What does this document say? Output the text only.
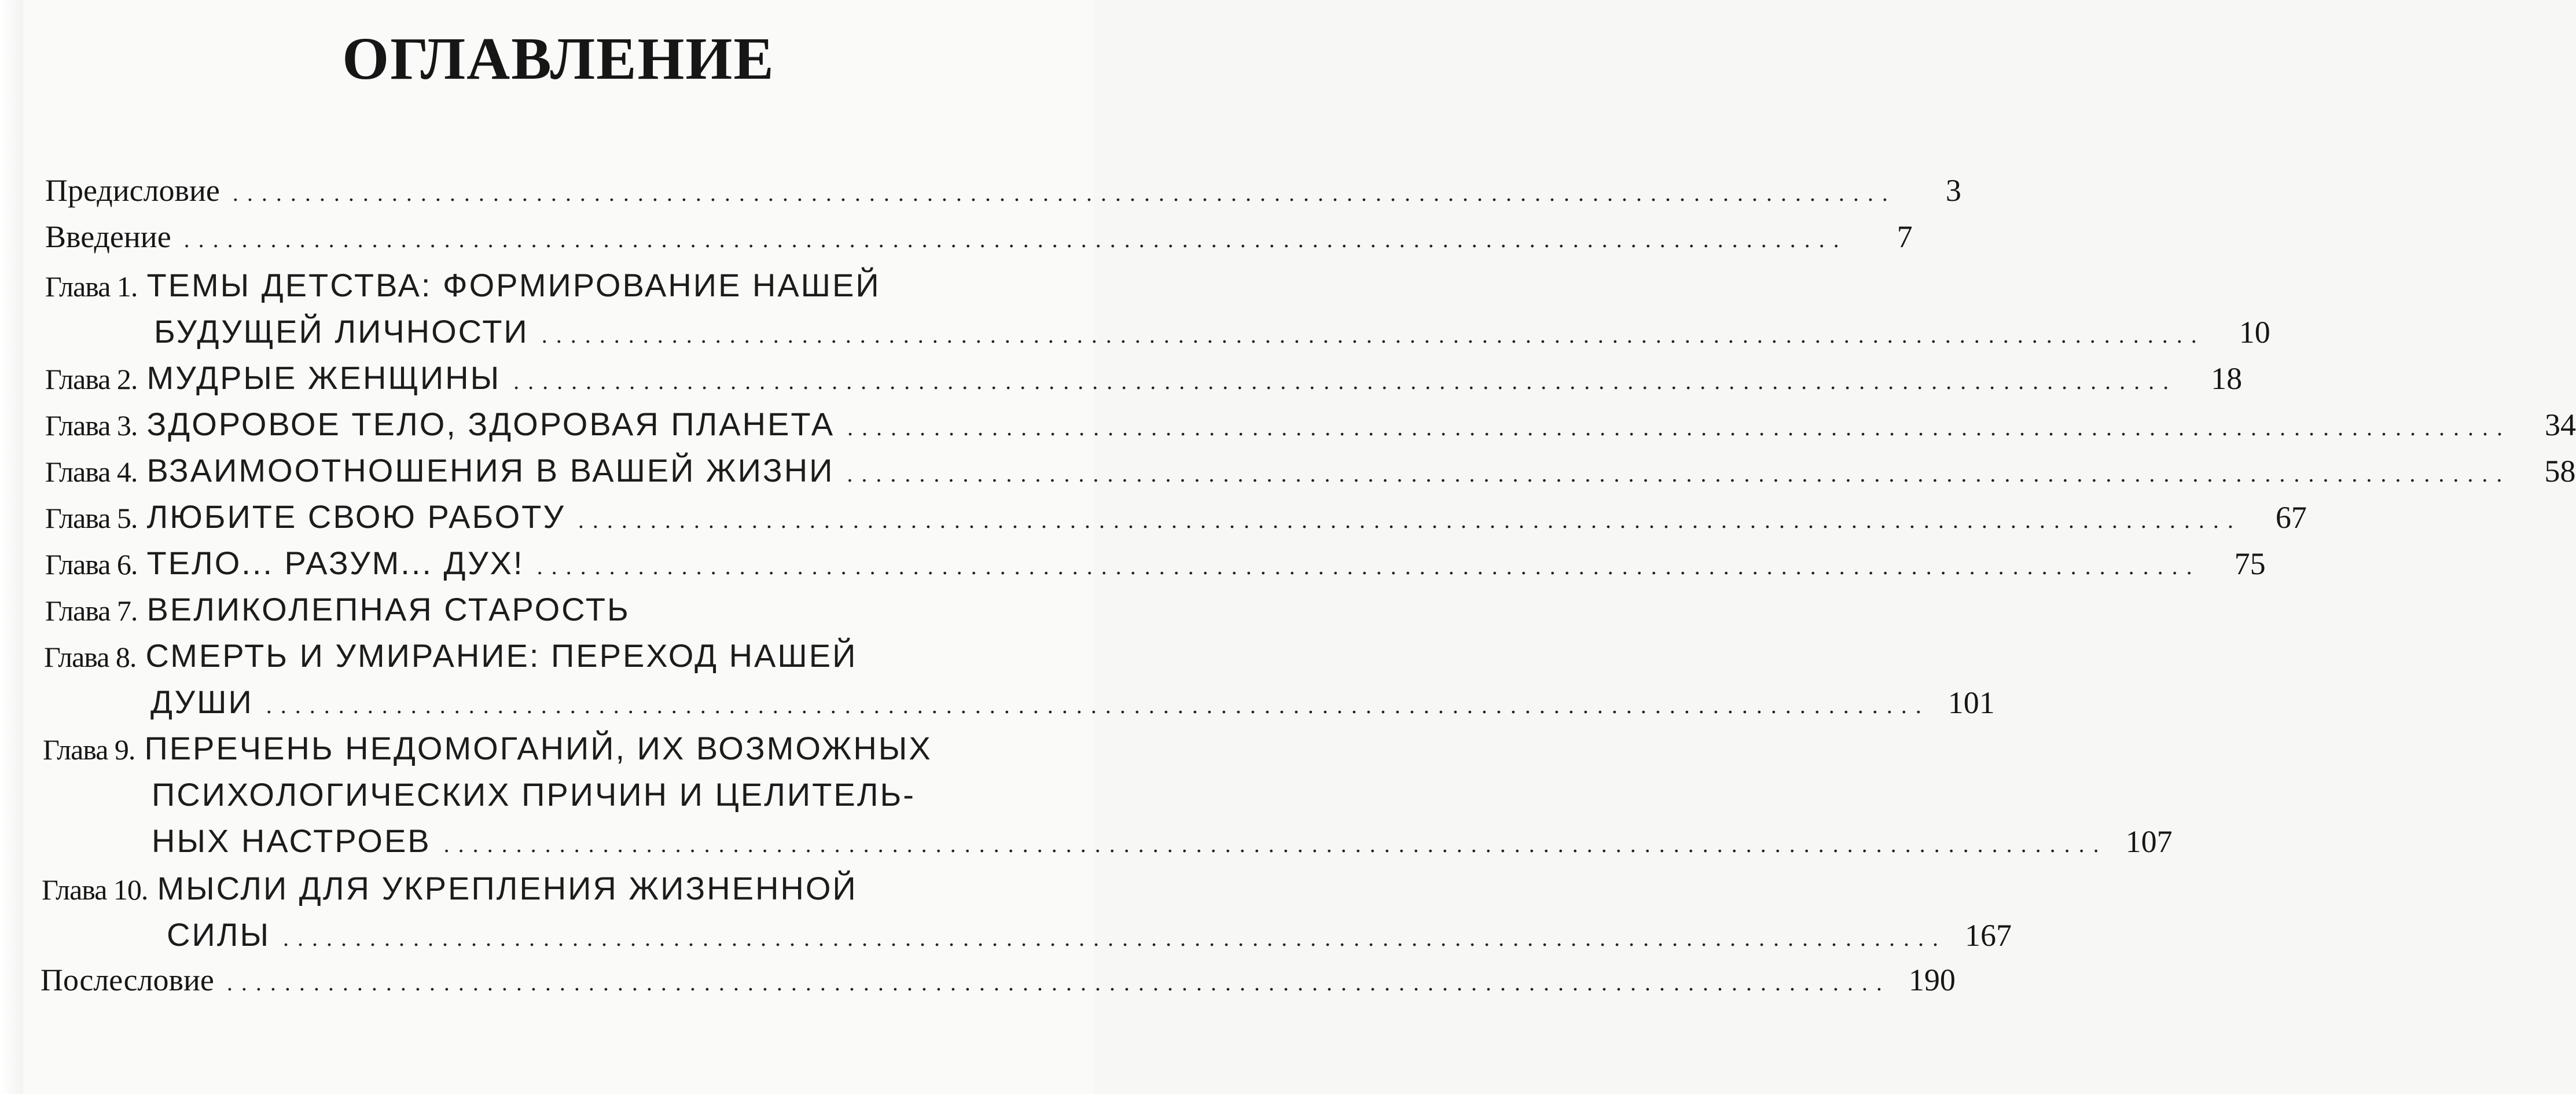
ОГЛАВЛЕНИЕ
Предисловие ...................................................................................................................	3
Введение ...................................................................................................................	7
Глава 1. ТЕМЫ ДЕТСТВА: ФОРМИРОВАНИЕ НАШЕЙ
БУДУЩЕЙ ЛИЧНОСТИ ...................................................................................................................	10
Глава 2. МУДРЫЕ ЖЕНЩИНЫ ...................................................................................................................	18
Глава 3. ЗДОРОВОЕ ТЕЛО, ЗДОРОВАЯ ПЛАНЕТА ...................................................................................................................	34
Глава 4. ВЗАИМООТНОШЕНИЯ В ВАШЕЙ ЖИЗНИ ...................................................................................................................	58
Глава 5. ЛЮБИТЕ СВОЮ РАБОТУ ...................................................................................................................	67
Глава 6. ТЕЛО... РАЗУМ... ДУХ! ...................................................................................................................	75
Глава 7. ВЕЛИКОЛЕПНАЯ СТАРОСТЬ
Глава 8. СМЕРТЬ И УМИРАНИЕ: ПЕРЕХОД НАШЕЙ
ДУШИ ................................................................................................................... 101
Глава 9. ПЕРЕЧЕНЬ НЕДОМОГАНИЙ, ИХ ВОЗМОЖНЫХ
ПСИХОЛОГИЧЕСКИХ ПРИЧИН И ЦЕЛИТЕЛЬ-
НЫХ НАСТРОЕВ ................................................................................................................... 107
Глава 10. МЫСЛИ ДЛЯ УКРЕПЛЕНИЯ ЖИЗНЕННОЙ
СИЛЫ ................................................................................................................... 167
Послесловие ................................................................................................................... 190
